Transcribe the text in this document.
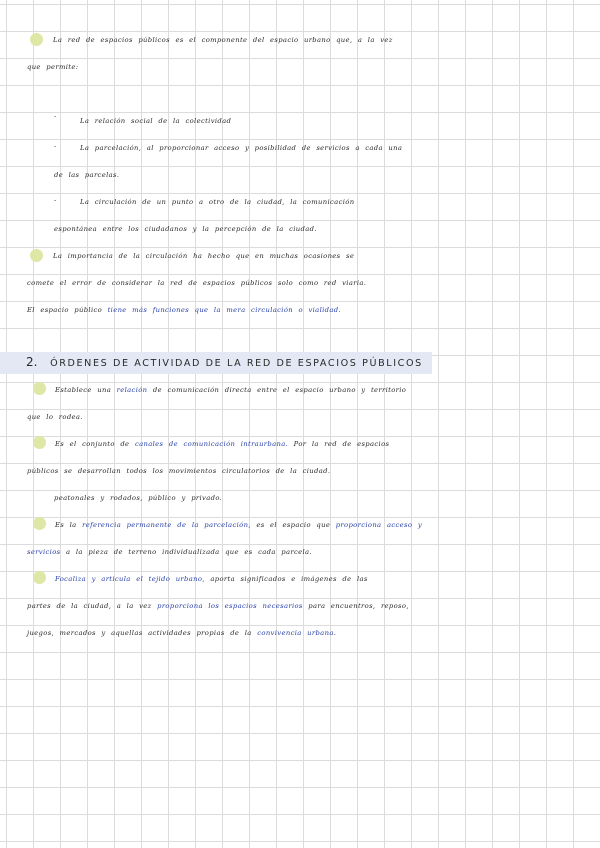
La red de espacios públicos es el componente del espacio urbano que, a la vez
que permite:
-
La relación social de la colectividad
-	La parcelación, al proporcionar acceso y posibilidad de servicios a cada una
de las parcelas.
-	La circulación de un punto a otro de la ciudad, la comunicación
espontánea entre los ciudadanos y la percepción de la ciudad.
La importancia de la circulación ha hecho que en muchas ocasiones se
comete el error de considerar la red de espacios públicos solo como red viaria.
El espacio público tiene más funciones que la mera circulación o vialidad.
2. ÓRDENES DE ACTIVIDAD DE LA RED DE ESPACIOS PÚBLICOS
Establece una relación de comunicación directa entre el espacio urbano y territorio
que lo rodea.
Es el conjunto de canales de comunicación intraurbana. Por la red de espacios
públicos se desarrollan todos los movimientos circulatorios de la ciudad.
peatonales y rodados, público y privado.
Es la referencia permanente de la parcelación, es el espacio que proporciona acceso y
servicios a la pieza de terreno individualizada que es cada parcela.
Focaliza y articula el tejido urbano, aporta significados e imágenes de las
partes de la ciudad, a la vez proporciona los espacios necesarios para encuentros, reposo,
juegos, mercados y aquellas actividades propias de la convivencia urbana.
